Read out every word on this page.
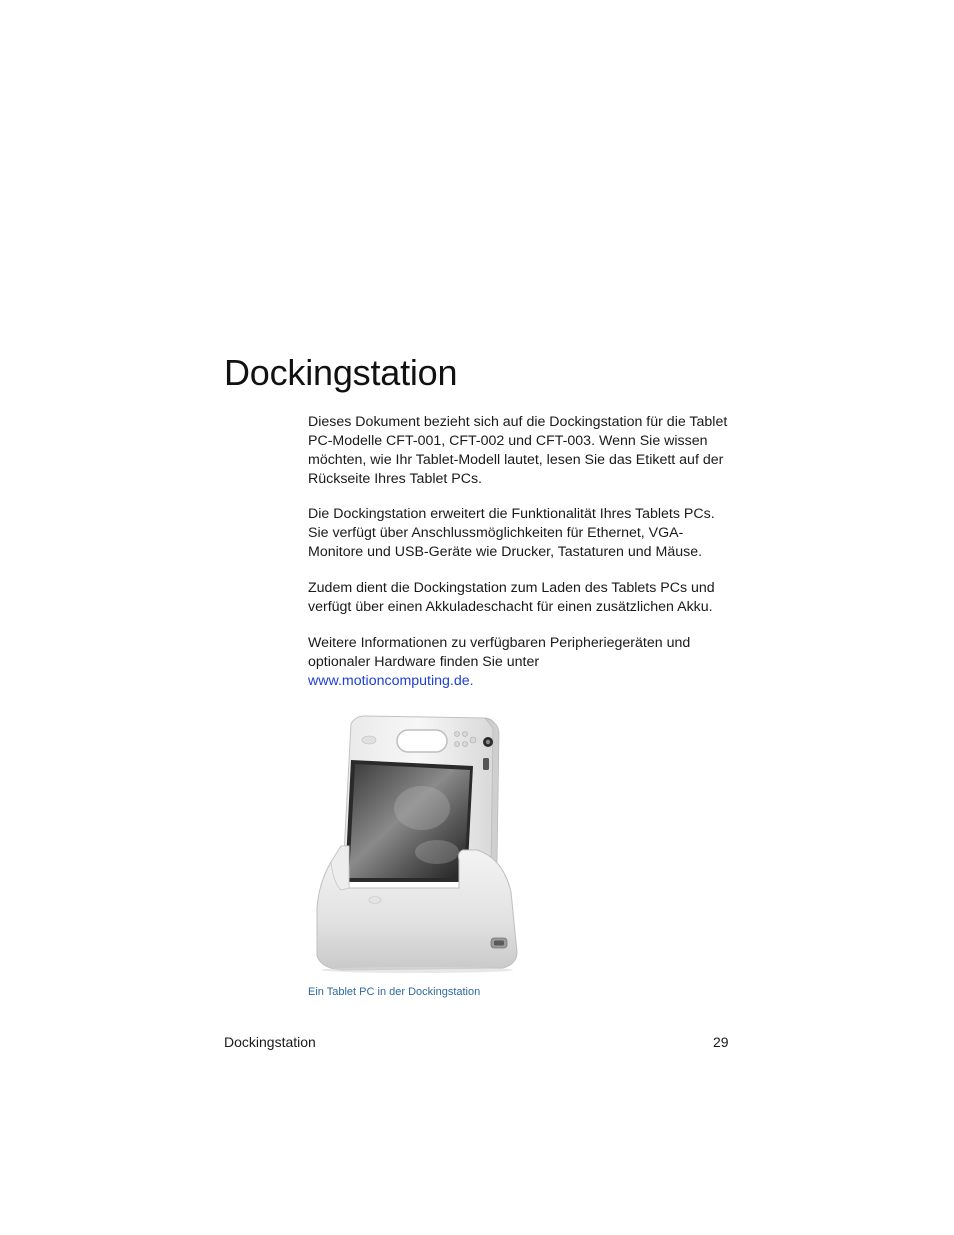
Dockingstation

Dieses Dokument bezieht sich auf die Dockingstation für die Tablet PC-Modelle CFT-001, CFT-002 und CFT-003. Wenn Sie wissen möchten, wie Ihr Tablet-Modell lautet, lesen Sie das Etikett auf der Rückseite Ihres Tablet PCs.

Die Dockingstation erweitert die Funktionalität Ihres Tablets PCs. Sie verfügt über Anschlussmöglichkeiten für Ethernet, VGA-Monitore und USB-Geräte wie Drucker, Tastaturen und Mäuse.

Zudem dient die Dockingstation zum Laden des Tablets PCs und verfügt über einen Akkuladeschacht für einen zusätzlichen Akku.

Weitere Informationen zu verfügbaren Peripheriegeräten und optionaler Hardware finden Sie unter
www.motioncomputing.de.

Ein Tablet PC in der Dockingstation
Dockingstation	29
